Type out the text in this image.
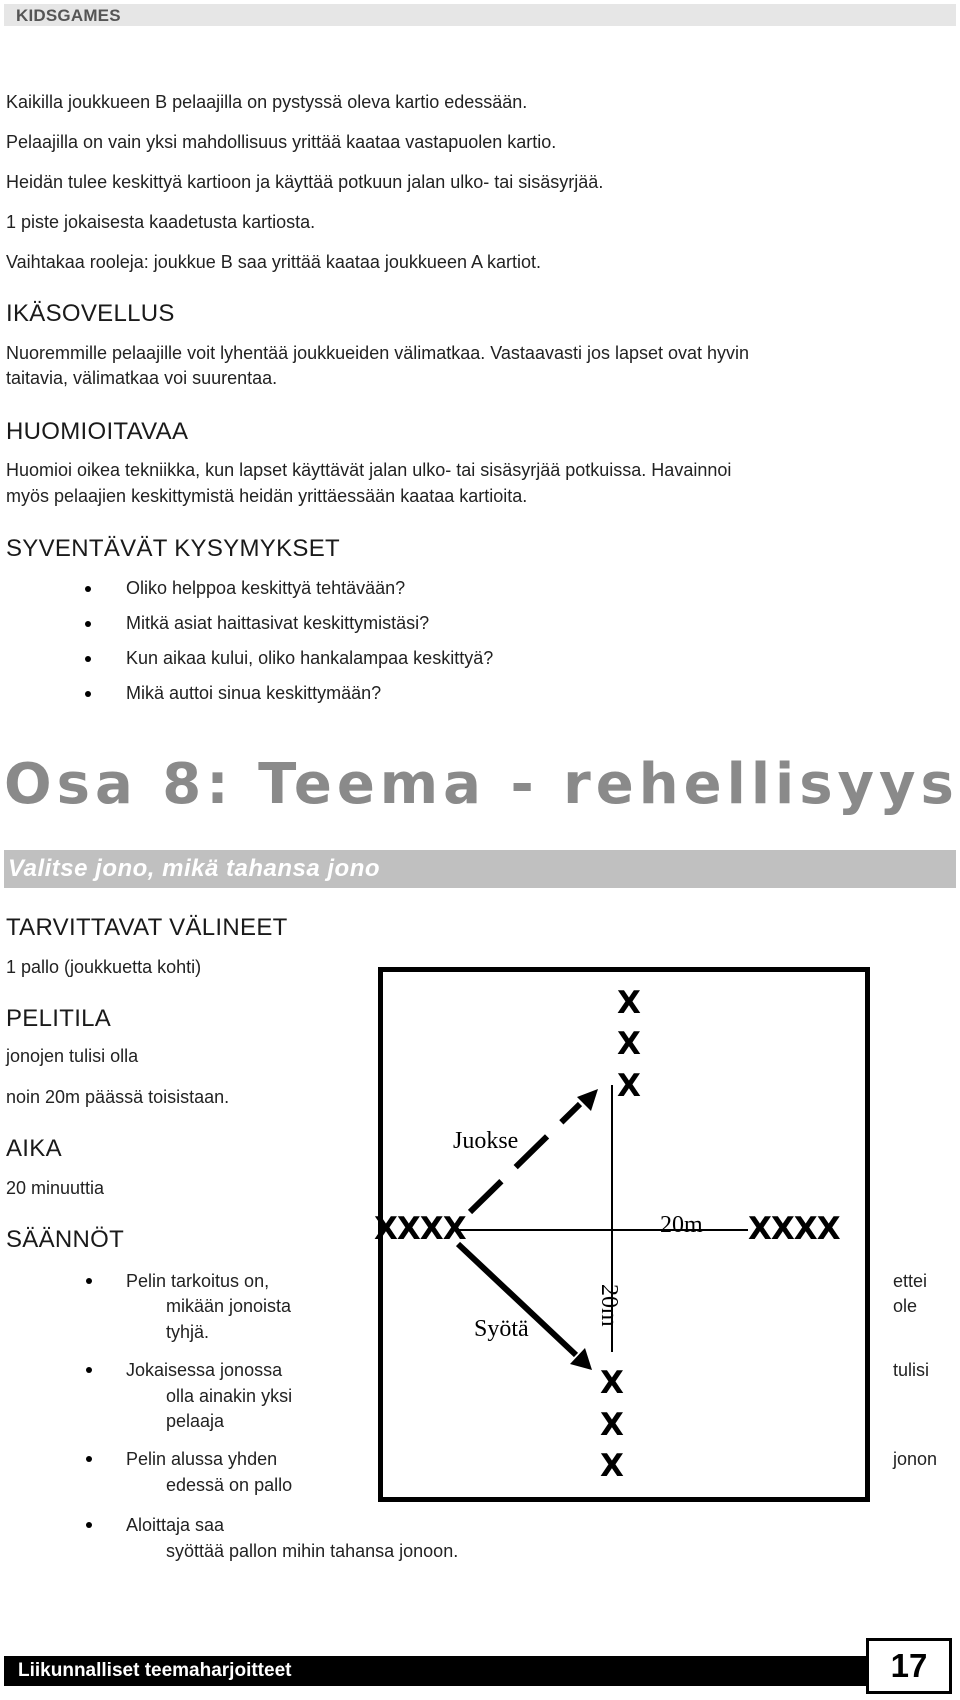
KIDSGAMES
Kaikilla joukkueen B pelaajilla on pystyssä oleva kartio edessään.
Pelaajilla on vain yksi mahdollisuus yrittää kaataa vastapuolen kartio.
Heidän tulee keskittyä kartioon ja käyttää potkuun jalan ulko- tai sisäsyrjää.
1 piste jokaisesta kaadetusta kartiosta.
Vaihtakaa rooleja: joukkue B saa yrittää kaataa joukkueen A kartiot.
IKÄSOVELLUS
Nuoremmille pelaajille voit lyhentää joukkueiden välimatkaa. Vastaavasti jos lapset ovat hyvin
taitavia, välimatkaa voi suurentaa.
HUOMIOITAVAA
Huomioi oikea tekniikka, kun lapset käyttävät jalan ulko- tai sisäsyrjää potkuissa. Havainnoi
myös pelaajien keskittymistä heidän yrittäessään kaataa kartioita.
SYVENTÄVÄT KYSYMYKSET
Oliko helppoa keskittyä tehtävään?
Mitkä asiat haittasivat keskittymistäsi?
Kun aikaa kului, oliko hankalampaa keskittyä?
Mikä auttoi sinua keskittymään?
Osa 8: Teema - rehellisyys
Valitse jono, mikä tahansa jono
TARVITTAVAT VÄLINEET
1 pallo (joukkuetta kohti)
PELITILA
jonojen tulisi olla
noin 20m päässä toisistaan.
AIKA
20 minuuttia
SÄÄNNÖT
X
X
X
XXXX	XXXX
X
X
X
Juokse
Syötä
20m
20m
Pelin tarkoitus on,
mikään jonoista
tyhjä.
ettei
ole
Jokaisessa jonossa
olla ainakin yksi
pelaaja
tulisi
Pelin alussa yhden
edessä on pallo
jonon
Aloittaja saa
syöttää pallon mihin tahansa jonoon.
Liikunnalliset teemaharjoitteet	17
